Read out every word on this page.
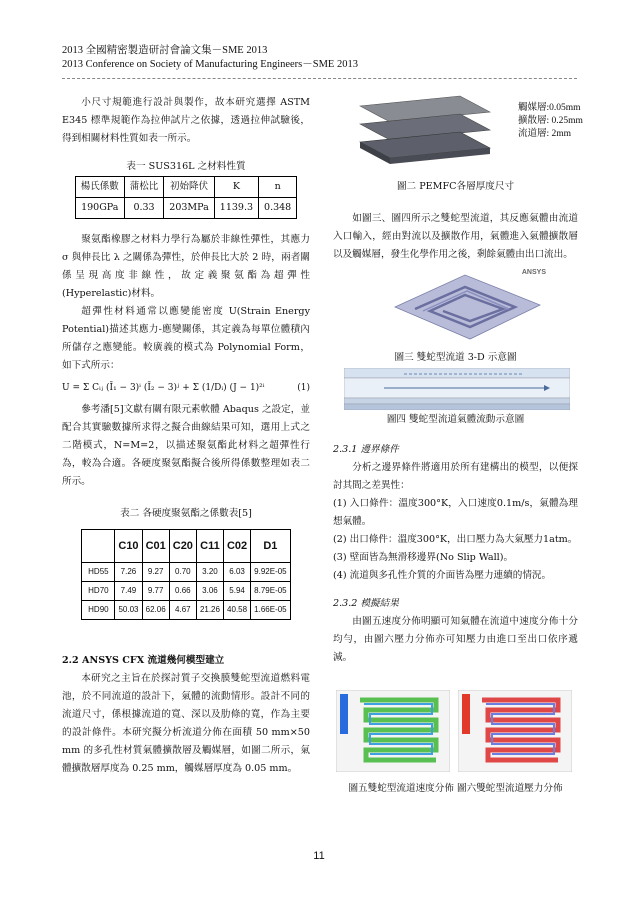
2013 全國精密製造研討會論文集－SME 2013
2013 Conference on Society of Manufacturing Engineers－SME 2013

小尺寸規範進行設計與製作，故本研究選擇 ASTM E345 標準規範作為拉伸試片之依據，透過拉伸試驗後，得到相關材料性質如表一所示。

表一 SUS316L 之材料性質

楊氏係數	蒲松比	初始降伏	K	n
190GPa	0.33	203MPa	1139.3	0.348

聚氨酯橡膠之材料力學行為屬於非線性彈性，其應力 σ 與伸長比 λ 之關係為彈性，於伸長比大於 2 時，兩者關係呈現高度非線性，故定義聚氨酯為超彈性(Hyperelastic)材料。

超彈性材料通常以應變能密度 U(Strain Energy Potential)描述其應力-應變關係，其定義為每單位體積內所儲存之應變能。較廣義的模式為 Polynomial Form，如下式所示：

U = Σ Cᵢⱼ (Ī₁ − 3)ⁱ (Ī₂ − 3)ʲ + Σ (1/Dᵢ) (J − 1)²ⁱ	(1)

參考潘[5]文獻有關有限元素軟體 Abaqus 之設定，並配合其實驗數據所求得之擬合曲線結果可知，選用上式之二階模式，N=M=2，以描述聚氨酯此材料之超彈性行為，較為合適。各硬度聚氨酯擬合後所得係數整理如表二所示。

表二 各硬度聚氨酯之係數表[5]

	C10	C01	C20	C11	C02	D1
HD55	7.26	9.27	0.70	3.20	6.03	9.92E-05
HD70	7.49	9.77	0.66	3.06	5.94	8.79E-05
HD90	50.03	62.06	4.67	21.26	40.58	1.66E-05

2.2 ANSYS CFX 流道幾何模型建立

本研究之主旨在於探討質子交換膜雙蛇型流道燃料電池，於不同流道的設計下，氣體的流動情形。設計不同的流道尺寸，係根據流道的寬、深以及肋條的寬，作為主要的設計條件。本研究擬分析流道分佈在面積 50 mm×50 mm 的多孔性材質氣體擴散層及觸媒層，如圖二所示，氣體擴散層厚度為 0.25 mm，觸媒層厚度為 0.05 mm。

觸媒層:0.05mm
擴散層: 0.25mm
流道層: 2mm

圖二 PEMFC各層厚度尺寸

如圖三、圖四所示之雙蛇型流道，其反應氣體由流道入口輸入，經由對流以及擴散作用，氣體進入氣體擴散層以及觸媒層，發生化學作用之後，剩餘氣體由出口流出。

ANSYS

圖三 雙蛇型流道 3-D 示意圖

圖四 雙蛇型流道氣體流動示意圖

2.3.1 邊界條件

分析之邊界條件將適用於所有建構出的模型，以便探討其間之差異性：

(1) 入口條件：溫度300°K，入口速度0.1m/s，氣體為理想氣體。

(2) 出口條件：溫度300°K，出口壓力為大氣壓力1atm。

(3) 壁面皆為無滑移邊界(No Slip Wall)。

(4) 流道與多孔性介質的介面皆為壓力連續的情況。

2.3.2 模擬結果

由圖五速度分佈明顯可知氣體在流道中速度分佈十分均勻，由圖六壓力分佈亦可知壓力由進口至出口依序遞減。

圖五雙蛇型流道速度分佈 圖六雙蛇型流道壓力分佈

11
